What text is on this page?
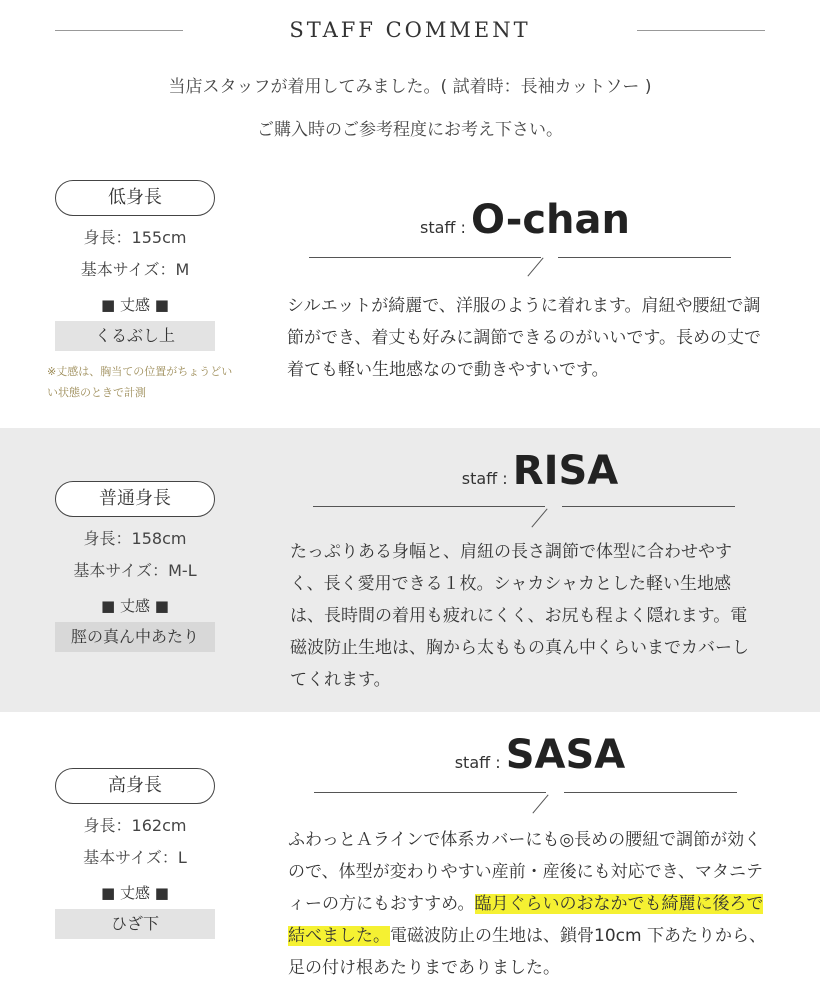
STAFF COMMENT
当店スタッフが着用してみました。( 試着時：長袖カットソー )
ご購入時のご参考程度にお考え下さい。
低身長
身長：155cm
基本サイズ：M
■ 丈感 ■
くるぶし上
※丈感は、胸当ての位置がちょうどいい状態のときで計測
staff : O-chan

シルエットが綺麗で、洋服のように着れます。肩紐や腰紐で調節ができ、着丈も好みに調節できるのがいいです。長めの丈で着ても軽い生地感なので動きやすいです。

普通身長
身長：158cm
基本サイズ：M-L
■ 丈感 ■
脛の真ん中あたり
staff : RISA

たっぷりある身幅と、肩紐の長さ調節で体型に合わせやすく、長く愛用できる１枚。シャカシャカとした軽い生地感は、長時間の着用も疲れにくく、お尻も程よく隠れます。電磁波防止生地は、胸から太ももの真ん中くらいまでカバーしてくれます。

高身長
身長：162cm
基本サイズ：L
■ 丈感 ■
ひざ下
staff : SASA

ふわっとＡラインで体系カバーにも◎長めの腰紐で調節が効くので、体型が変わりやすい産前・産後にも対応でき、マタニティーの方にもおすすめ。臨月ぐらいのおなかでも綺麗に後ろで結べました。電磁波防止の生地は、鎖骨10cm 下あたりから、足の付け根あたりまでありました。
